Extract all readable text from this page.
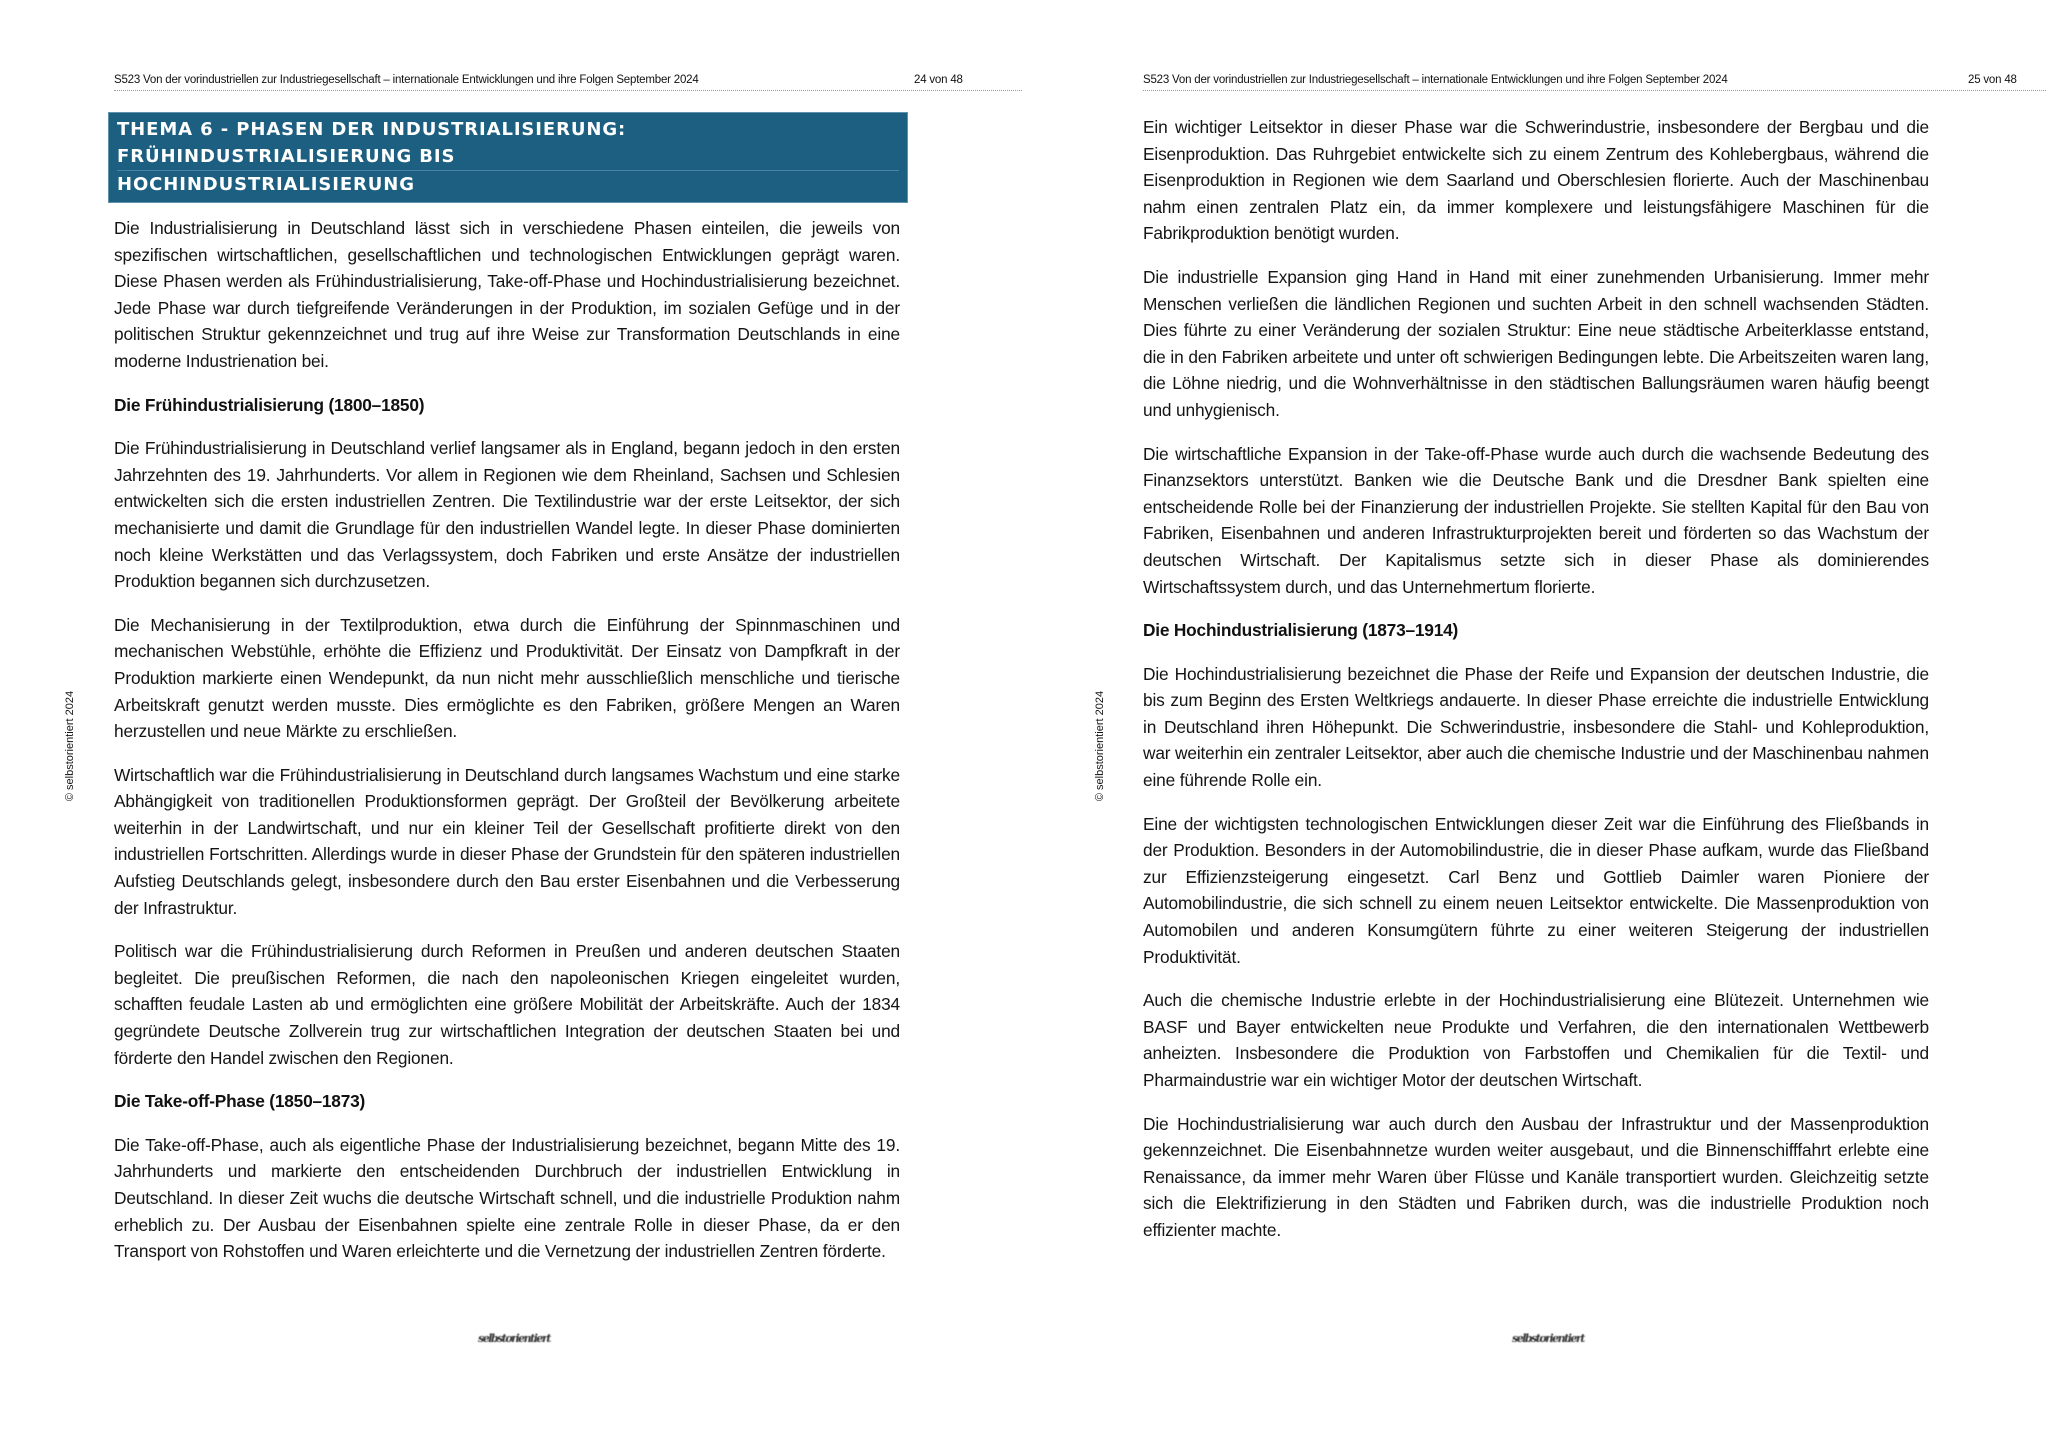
S523 Von der vorindustriellen zur Industriegesellschaft – internationale Entwicklungen und ihre Folgen September 2024	24 von 48
© selbstorientiert 2024
THEMA 6 - PHASEN DER INDUSTRIALISIERUNG: FRÜHINDUSTRIALISIERUNG BIS
HOCHINDUSTRIALISIERUNG

Die Industrialisierung in Deutschland lässt sich in verschiedene Phasen einteilen, die jeweils von spezifischen wirtschaftlichen, gesellschaftlichen und technologischen Entwicklungen geprägt waren. Diese Phasen werden als Frühindustrialisierung, Take-off-Phase und Hochindustrialisierung bezeichnet. Jede Phase war durch tiefgreifende Veränderungen in der Produktion, im sozialen Gefüge und in der politischen Struktur gekennzeichnet und trug auf ihre Weise zur Transformation Deutschlands in eine moderne Industrienation bei.

Die Frühindustrialisierung (1800–1850)

Die Frühindustrialisierung in Deutschland verlief langsamer als in England, begann jedoch in den ersten Jahrzehnten des 19. Jahrhunderts. Vor allem in Regionen wie dem Rheinland, Sachsen und Schlesien entwickelten sich die ersten industriellen Zentren. Die Textilindustrie war der erste Leitsektor, der sich mechanisierte und damit die Grundlage für den industriellen Wandel legte. In dieser Phase dominierten noch kleine Werkstätten und das Verlagssystem, doch Fabriken und erste Ansätze der industriellen Produktion begannen sich durchzusetzen.

Die Mechanisierung in der Textilproduktion, etwa durch die Einführung der Spinnmaschinen und mechanischen Webstühle, erhöhte die Effizienz und Produktivität. Der Einsatz von Dampfkraft in der Produktion markierte einen Wendepunkt, da nun nicht mehr ausschließlich menschliche und tierische Arbeitskraft genutzt werden musste. Dies ermöglichte es den Fabriken, größere Mengen an Waren herzustellen und neue Märkte zu erschließen.

Wirtschaftlich war die Frühindustrialisierung in Deutschland durch langsames Wachstum und eine starke Abhängigkeit von traditionellen Produktionsformen geprägt. Der Großteil der Bevölkerung arbeitete weiterhin in der Landwirtschaft, und nur ein kleiner Teil der Gesellschaft profitierte direkt von den industriellen Fortschritten. Allerdings wurde in dieser Phase der Grundstein für den späteren industriellen Aufstieg Deutschlands gelegt, insbesondere durch den Bau erster Eisenbahnen und die Verbesserung der Infrastruktur.

Politisch war die Frühindustrialisierung durch Reformen in Preußen und anderen deutschen Staaten begleitet. Die preußischen Reformen, die nach den napoleonischen Kriegen eingeleitet wurden, schafften feudale Lasten ab und ermöglichten eine größere Mobilität der Arbeitskräfte. Auch der 1834 gegründete Deutsche Zollverein trug zur wirtschaftlichen Integration der deutschen Staaten bei und förderte den Handel zwischen den Regionen.

Die Take-off-Phase (1850–1873)

Die Take-off-Phase, auch als eigentliche Phase der Industrialisierung bezeichnet, begann Mitte des 19. Jahrhunderts und markierte den entscheidenden Durchbruch der industriellen Entwicklung in Deutschland. In dieser Zeit wuchs die deutsche Wirtschaft schnell, und die industrielle Produktion nahm erheblich zu. Der Ausbau der Eisenbahnen spielte eine zentrale Rolle in dieser Phase, da er den Transport von Rohstoffen und Waren erleichterte und die Vernetzung der industriellen Zentren förderte.

selbstorientiert
S523 Von der vorindustriellen zur Industriegesellschaft – internationale Entwicklungen und ihre Folgen September 2024	25 von 48
© selbstorientiert 2024

Ein wichtiger Leitsektor in dieser Phase war die Schwerindustrie, insbesondere der Bergbau und die Eisenproduktion. Das Ruhrgebiet entwickelte sich zu einem Zentrum des Kohlebergbaus, während die Eisenproduktion in Regionen wie dem Saarland und Oberschlesien florierte. Auch der Maschinenbau nahm einen zentralen Platz ein, da immer komplexere und leistungsfähigere Maschinen für die Fabrikproduktion benötigt wurden.

Die industrielle Expansion ging Hand in Hand mit einer zunehmenden Urbanisierung. Immer mehr Menschen verließen die ländlichen Regionen und suchten Arbeit in den schnell wachsenden Städten. Dies führte zu einer Veränderung der sozialen Struktur: Eine neue städtische Arbeiterklasse entstand, die in den Fabriken arbeitete und unter oft schwierigen Bedingungen lebte. Die Arbeitszeiten waren lang, die Löhne niedrig, und die Wohnverhältnisse in den städtischen Ballungsräumen waren häufig beengt und unhygienisch.

Die wirtschaftliche Expansion in der Take-off-Phase wurde auch durch die wachsende Bedeutung des Finanzsektors unterstützt. Banken wie die Deutsche Bank und die Dresdner Bank spielten eine entscheidende Rolle bei der Finanzierung der industriellen Projekte. Sie stellten Kapital für den Bau von Fabriken, Eisenbahnen und anderen Infrastrukturprojekten bereit und förderten so das Wachstum der deutschen Wirtschaft. Der Kapitalismus setzte sich in dieser Phase als dominierendes Wirtschaftssystem durch, und das Unternehmertum florierte.

Die Hochindustrialisierung (1873–1914)

Die Hochindustrialisierung bezeichnet die Phase der Reife und Expansion der deutschen Industrie, die bis zum Beginn des Ersten Weltkriegs andauerte. In dieser Phase erreichte die industrielle Entwicklung in Deutschland ihren Höhepunkt. Die Schwerindustrie, insbesondere die Stahl- und Kohleproduktion, war weiterhin ein zentraler Leitsektor, aber auch die chemische Industrie und der Maschinenbau nahmen eine führende Rolle ein.

Eine der wichtigsten technologischen Entwicklungen dieser Zeit war die Einführung des Fließbands in der Produktion. Besonders in der Automobilindustrie, die in dieser Phase aufkam, wurde das Fließband zur Effizienzsteigerung eingesetzt. Carl Benz und Gottlieb Daimler waren Pioniere der Automobilindustrie, die sich schnell zu einem neuen Leitsektor entwickelte. Die Massenproduktion von Automobilen und anderen Konsumgütern führte zu einer weiteren Steigerung der industriellen Produktivität.

Auch die chemische Industrie erlebte in der Hochindustrialisierung eine Blütezeit. Unternehmen wie BASF und Bayer entwickelten neue Produkte und Verfahren, die den internationalen Wettbewerb anheizten. Insbesondere die Produktion von Farbstoffen und Chemikalien für die Textil- und Pharmaindustrie war ein wichtiger Motor der deutschen Wirtschaft.

Die Hochindustrialisierung war auch durch den Ausbau der Infrastruktur und der Massenproduktion gekennzeichnet. Die Eisenbahnnetze wurden weiter ausgebaut, und die Binnenschifffahrt erlebte eine Renaissance, da immer mehr Waren über Flüsse und Kanäle transportiert wurden. Gleichzeitig setzte sich die Elektrifizierung in den Städten und Fabriken durch, was die industrielle Produktion noch effizienter machte.

selbstorientiert
